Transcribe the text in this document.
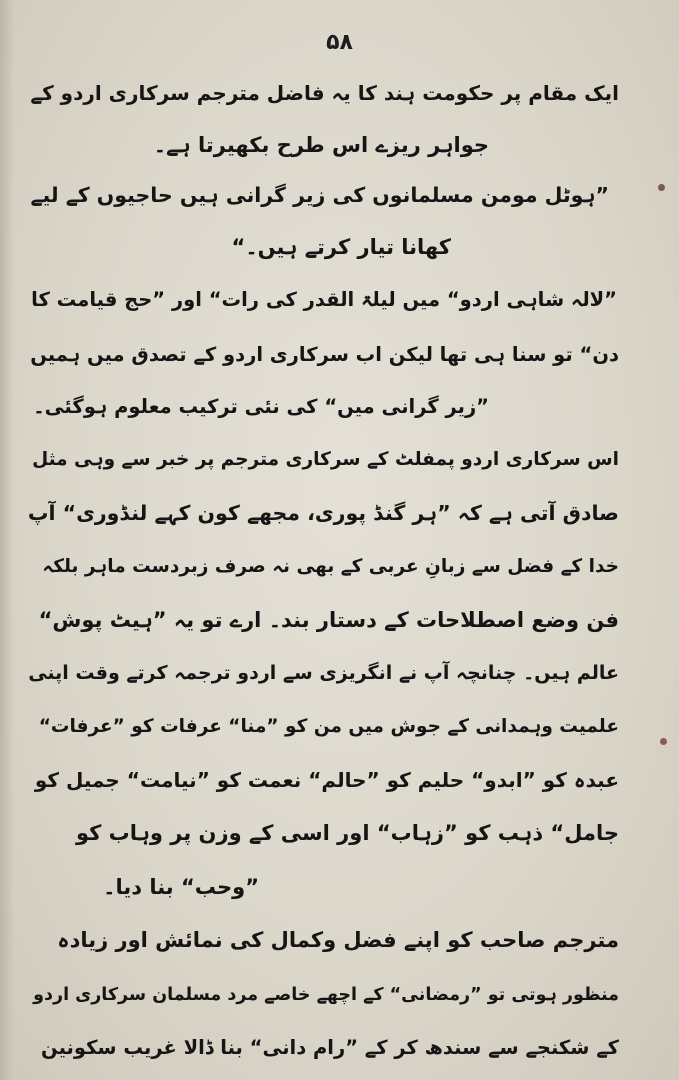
۵۸
ایک مقام پر حکومت ہند کا یہ فاضل مترجم سرکاری اردو کے
جواہر ریزے اس طرح بکھیرتا ہے۔
”ہوٹل مومن مسلمانوں کی زیر گرانی ہیں حاجیوں کے لیے
کھانا تیار کرتے ہیں۔“
”لالہ شاہی اردو“ میں لیلۃ القدر کی رات“ اور ”حج قیامت کا
دن“ تو سنا ہی تھا لیکن اب سرکاری اردو کے تصدق میں ہمیں
”زیر گرانی میں“ کی نئی ترکیب معلوم ہوگئی۔
اس سرکاری اردو پمفلٹ کے سرکاری مترجم پر خبر سے وہی مثل
صادق آتی ہے کہ ”ہر گنڈ پوری، مجھے کون کہے لنڈوری“ آپ
خدا کے فضل سے زبانِ عربی کے بھی نہ صرف زبردست ماہر بلکہ
فن وضع اصطلاحات کے دستار بند۔ ارے تو یہ ”ہیٹ پوش“
عالم ہیں۔ چنانچہ آپ نے انگریزی سے اردو ترجمہ کرتے وقت اپنی
علمیت وہمدانی کے جوش میں من کو ”منا“ عرفات کو ”عرفات“
عبدہ کو ”ابدو“ حلیم کو ”حالم“ نعمت کو ”نیامت“ جمیل کو
جامل“ ذہب کو ”زہاب“ اور اسی کے وزن پر وہاب کو
”وحب“ بنا دیا۔
مترجم صاحب کو اپنے فضل وکمال کی نمائش اور زیادہ
منظور ہوتی تو ”رمضانی“ کے اچھے خاصے مرد مسلمان سرکاری اردو
کے شکنجے سے سندھ کر کے ”رام دانی“ بنا ڈالا غریب سکونین
